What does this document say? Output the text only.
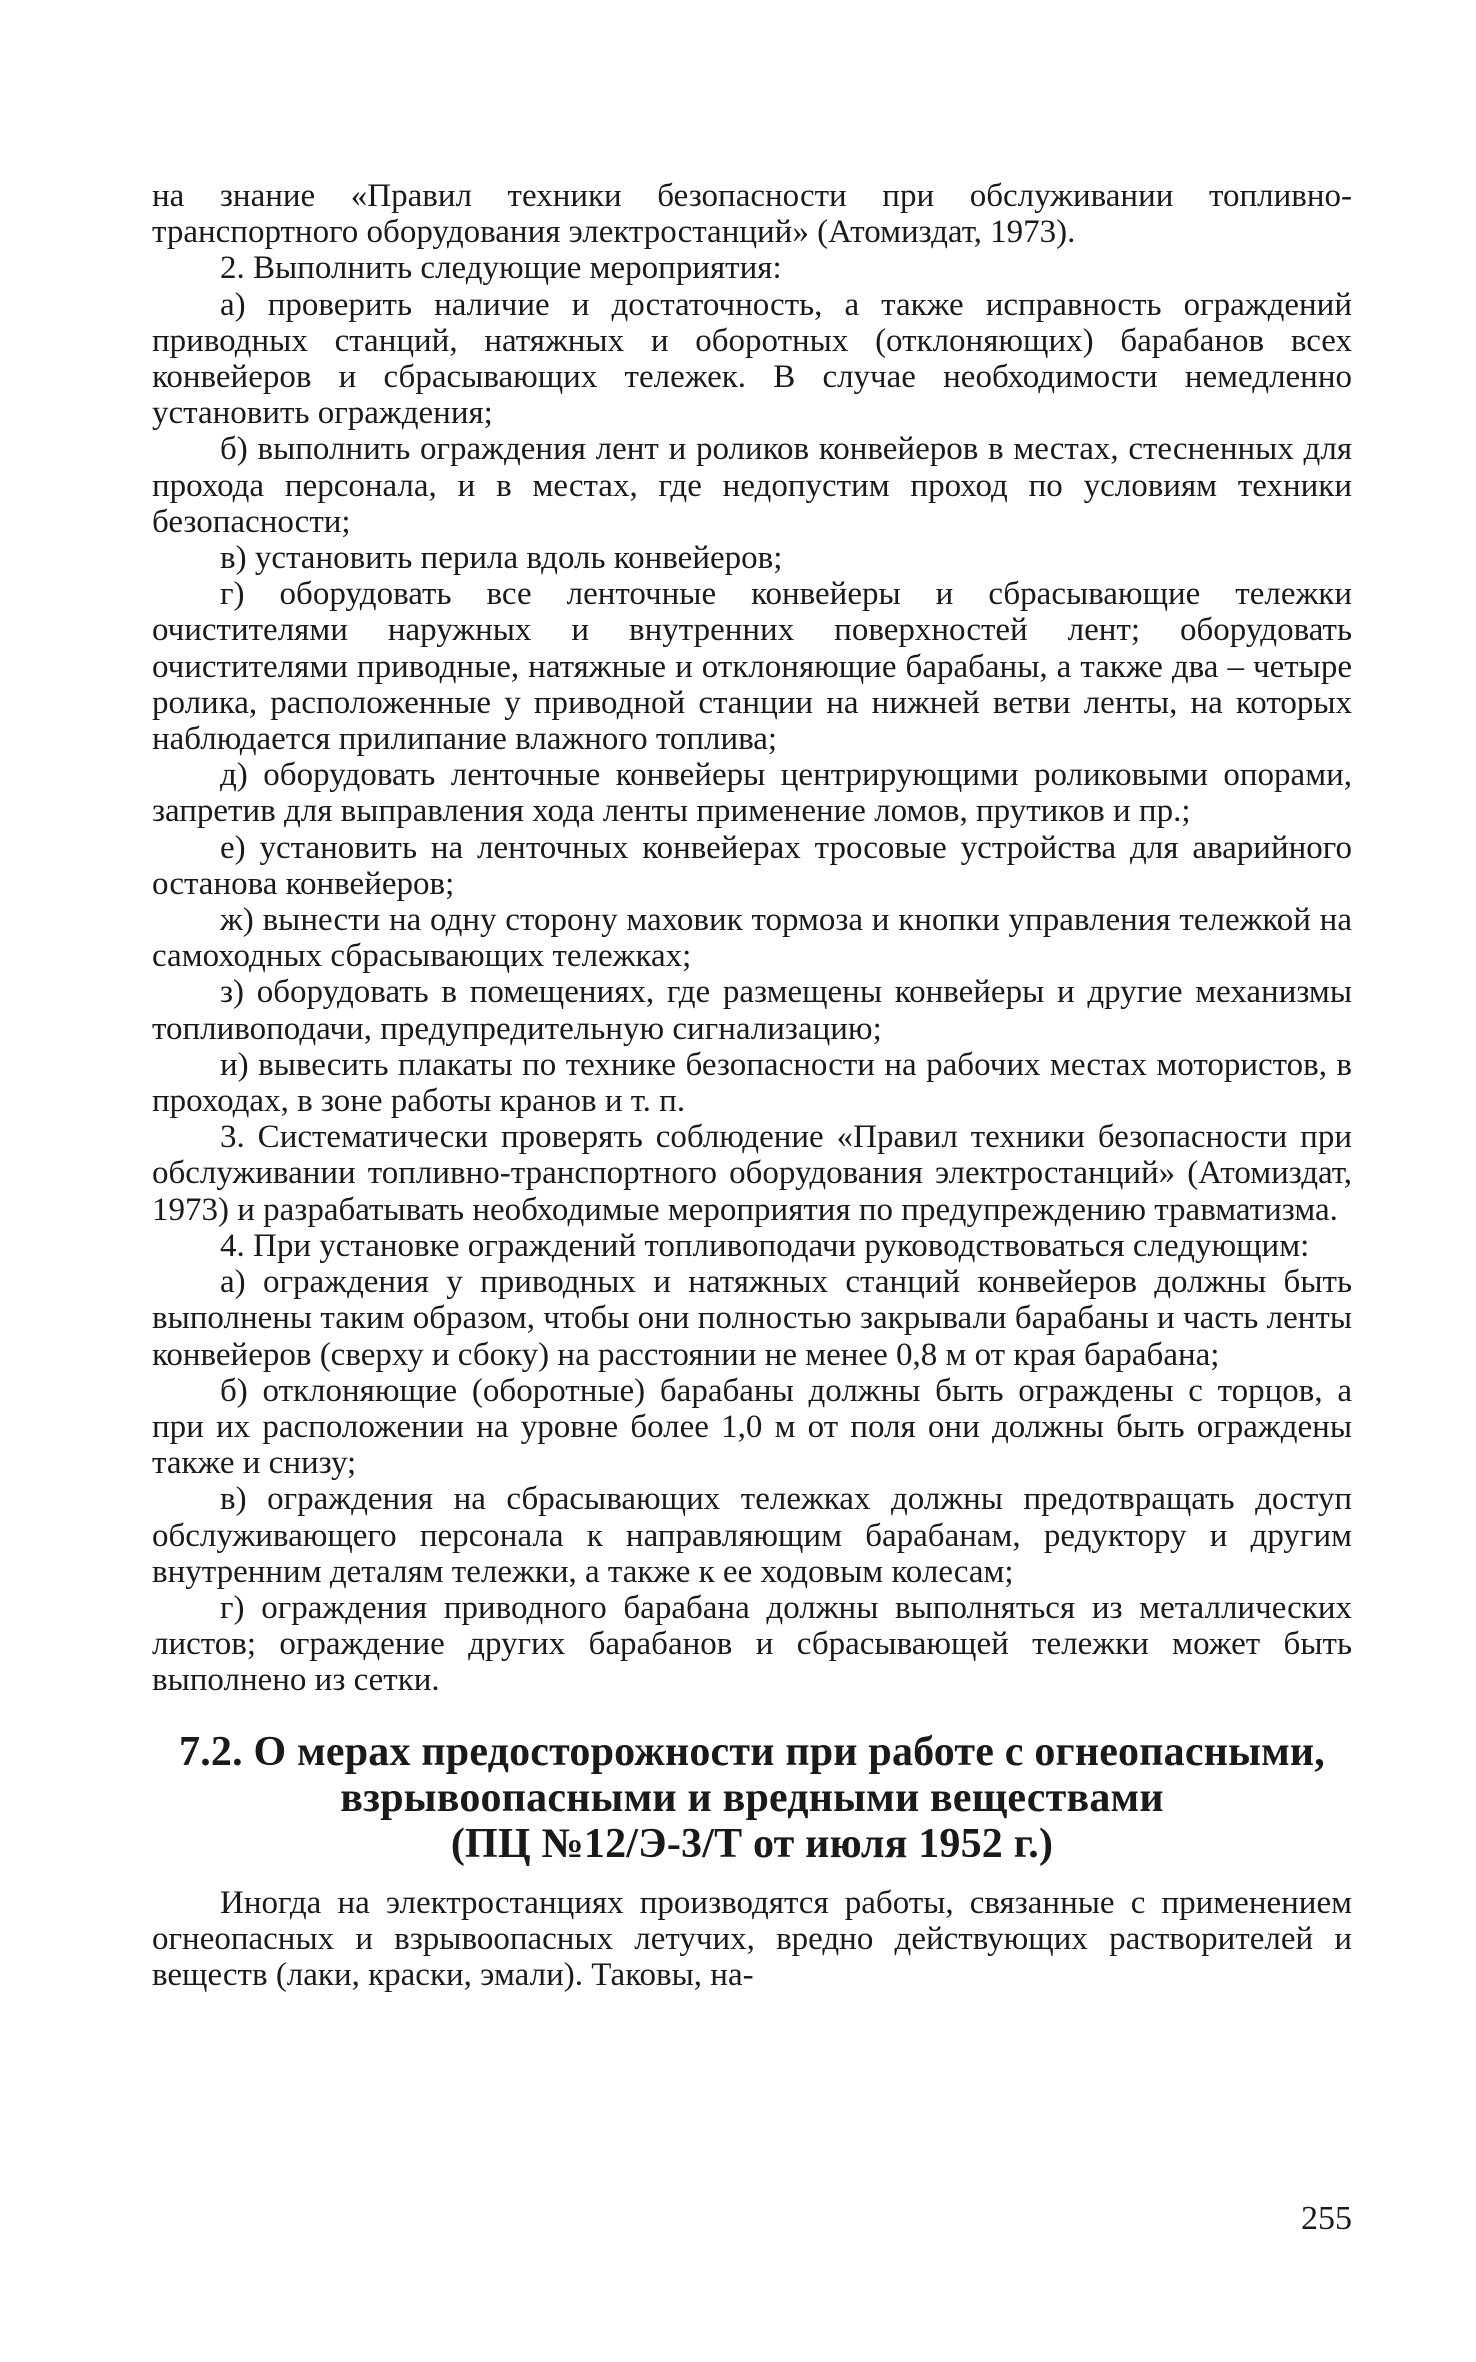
на знание «Правил техники безопасности при обслуживании топливно-транспортного оборудования электростанций» (Атомиздат, 1973).

2. Выполнить следующие мероприятия:

а) проверить наличие и достаточность, а также исправность ограждений приводных станций, натяжных и оборотных (отклоняющих) барабанов всех конвейеров и сбрасывающих тележек. В случае необходимости немедленно установить ограждения;

б) выполнить ограждения лент и роликов конвейеров в местах, стесненных для прохода персонала, и в местах, где недопустим проход по условиям техники безопасности;

в) установить перила вдоль конвейеров;

г) оборудовать все ленточные конвейеры и сбрасывающие тележки очистителями наружных и внутренних поверхностей лент; оборудовать очистителями приводные, натяжные и отклоняющие барабаны, а также два – четыре ролика, расположенные у приводной станции на нижней ветви ленты, на которых наблюдается прилипание влажного топлива;

д) оборудовать ленточные конвейеры центрирующими роликовыми опорами, запретив для выправления хода ленты применение ломов, прутиков и пр.;

е) установить на ленточных конвейерах тросовые устройства для аварийного останова конвейеров;

ж) вынести на одну сторону маховик тормоза и кнопки управления тележкой на самоходных сбрасывающих тележках;

з) оборудовать в помещениях, где размещены конвейеры и другие механизмы топливоподачи, предупредительную сигнализацию;

и) вывесить плакаты по технике безопасности на рабочих местах мотористов, в проходах, в зоне работы кранов и т. п.

3. Систематически проверять соблюдение «Правил техники безопасности при обслуживании топливно-транспортного оборудования электростанций» (Атомиздат, 1973) и разрабатывать необходимые мероприятия по предупреждению травматизма.

4. При установке ограждений топливоподачи руководствоваться следующим:

а) ограждения у приводных и натяжных станций конвейеров должны быть выполнены таким образом, чтобы они полностью закрывали барабаны и часть ленты конвейеров (сверху и сбоку) на расстоянии не менее 0,8 м от края барабана;

б) отклоняющие (оборотные) барабаны должны быть ограждены с торцов, а при их расположении на уровне более 1,0 м от поля они должны быть ограждены также и снизу;

в) ограждения на сбрасывающих тележках должны предотвращать доступ обслуживающего персонала к направляющим барабанам, редуктору и другим внутренним деталям тележки, а также к ее ходовым колесам;

г) ограждения приводного барабана должны выполняться из металлических листов; ограждение других барабанов и сбрасывающей тележки может быть выполнено из сетки.

7.2. О мерах предосторожности при работе с огнеопасными,
взрывоопасными и вредными веществами
(ПЦ №12/Э-3/Т от июля 1952 г.)

Иногда на электростанциях производятся работы, связанные с применением огнеопасных и взрывоопасных летучих, вредно действующих растворителей и веществ (лаки, краски, эмали). Таковы, на-

255
